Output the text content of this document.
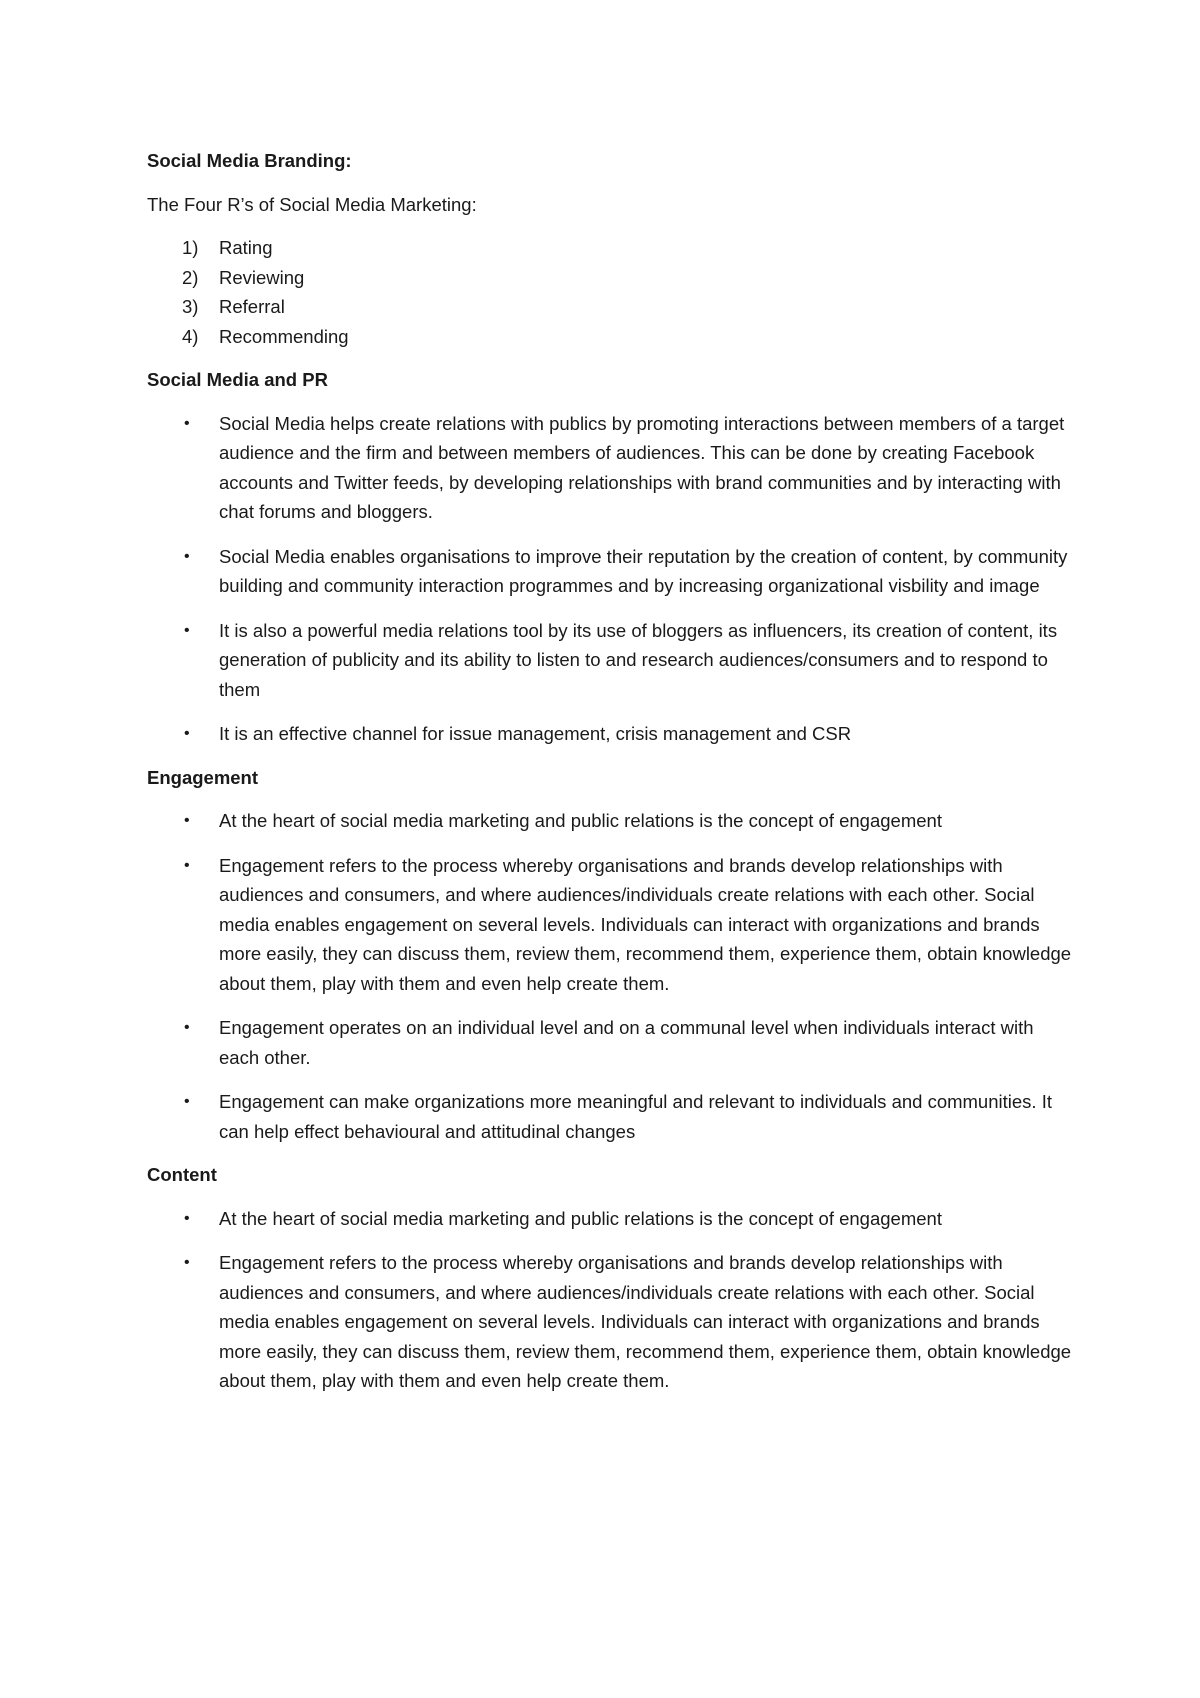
Social Media Branding:

The Four R’s of Social Media Marketing:

1) Rating
2) Reviewing
3) Referral
4) Recommending

Social Media and PR

• Social Media helps create relations with publics by promoting interactions between members of a target audience and the firm and between members of audiences. This can be done by creating Facebook accounts and Twitter feeds, by developing relationships with brand communities and by interacting with chat forums and bloggers.
• Social Media enables organisations to improve their reputation by the creation of content, by community building and community interaction programmes and by increasing organizational visbility and image
• It is also a powerful media relations tool by its use of bloggers as influencers, its creation of content, its generation of publicity and its ability to listen to and research audiences/consumers and to respond to them
• It is an effective channel for issue management, crisis management and CSR

Engagement

• At the heart of social media marketing and public relations is the concept of engagement
• Engagement refers to the process whereby organisations and brands develop relationships with audiences and consumers, and where audiences/individuals create relations with each other. Social media enables engagement on several levels. Individuals can interact with organizations and brands more easily, they can discuss them, review them, recommend them, experience them, obtain knowledge about them, play with them and even help create them.
• Engagement operates on an individual level and on a communal level when individuals interact with each other.
• Engagement can make organizations more meaningful and relevant to individuals and communities. It can help effect behavioural and attitudinal changes

Content

• At the heart of social media marketing and public relations is the concept of engagement
• Engagement refers to the process whereby organisations and brands develop relationships with audiences and consumers, and where audiences/individuals create relations with each other. Social media enables engagement on several levels. Individuals can interact with organizations and brands more easily, they can discuss them, review them, recommend them, experience them, obtain knowledge about them, play with them and even help create them.
